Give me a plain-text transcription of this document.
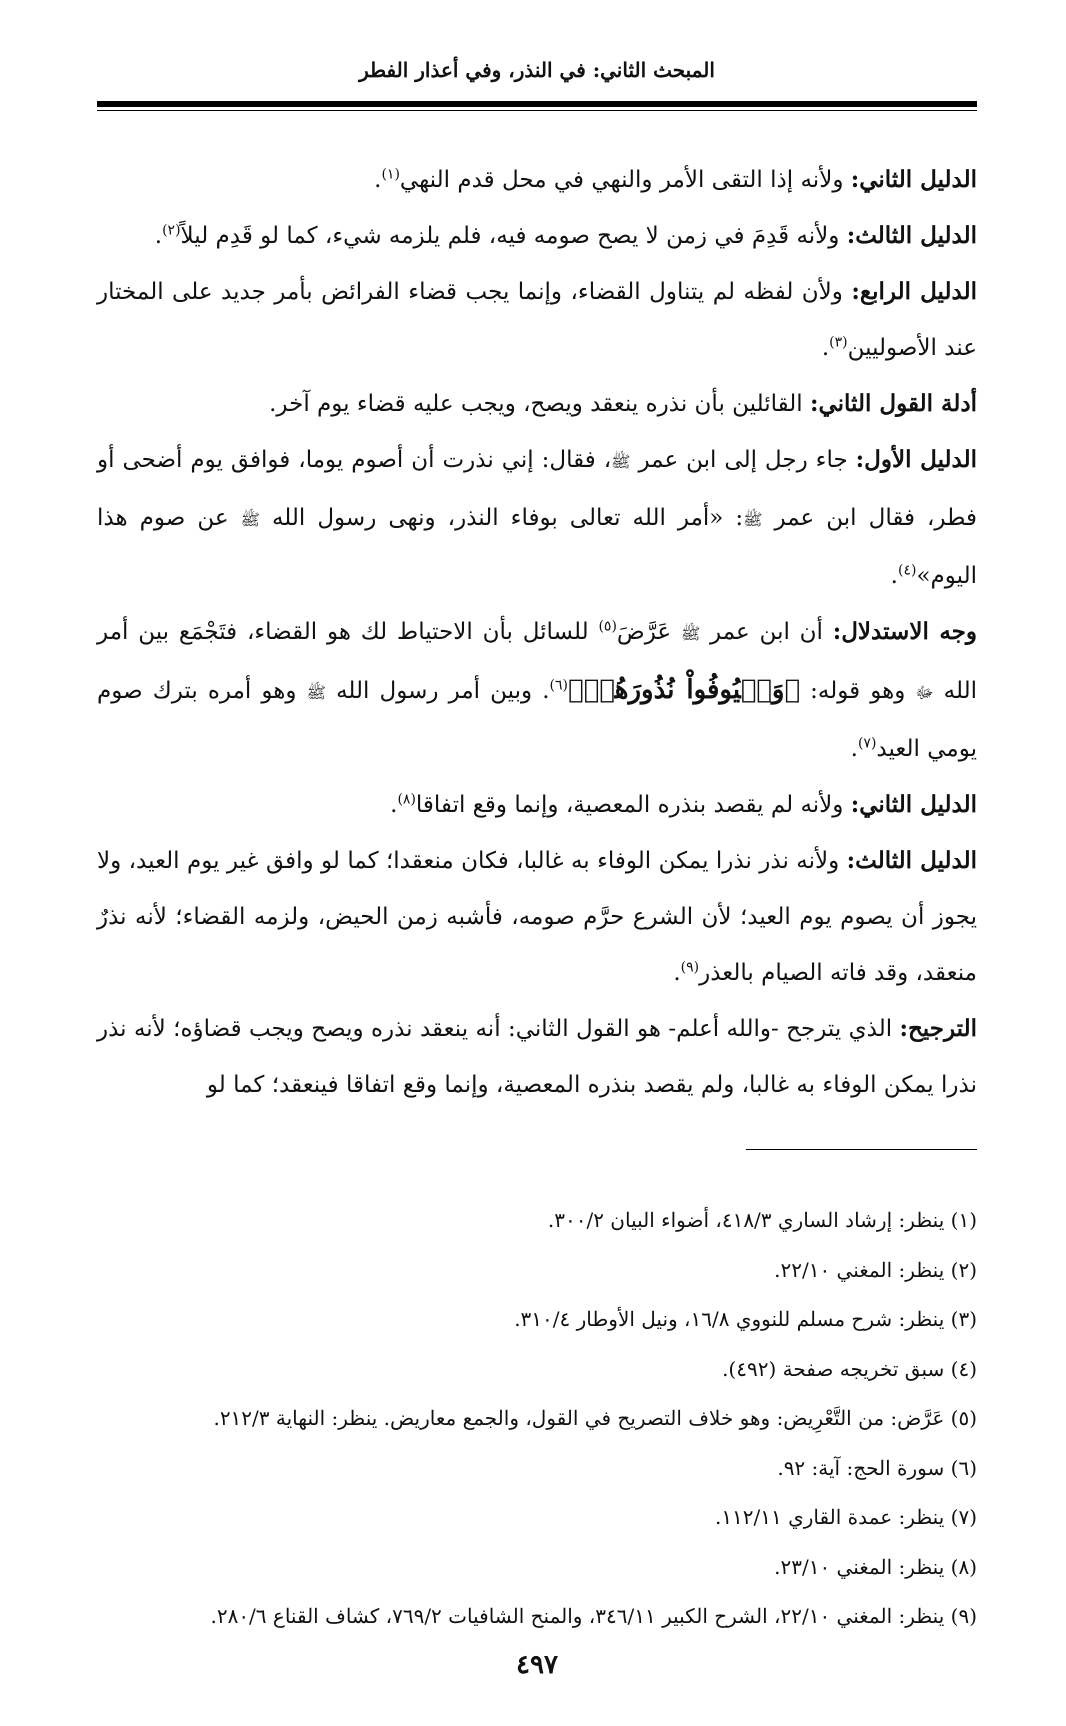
المبحث الثاني: في النذر، وفي أعذار الفطر

الدليل الثاني: ولأنه إذا التقى الأمر والنهي في محل قدم النهي$^{(١)}$.

الدليل الثالث: ولأنه قَدِمَ في زمن لا يصح صومه فيه، فلم يلزمه شيء، كما لو قَدِم ليلاً$^{(٢)}$.

الدليل الرابع: ولأن لفظه لم يتناول القضاء، وإنما يجب قضاء الفرائض بأمر جديد على المختار عند الأصوليين$^{(٣)}$.

أدلة القول الثاني: القائلين بأن نذره ينعقد ويصح، ويجب عليه قضاء يوم آخر.

الدليل الأول: جاء رجل إلى ابن عمر ﷺ، فقال: إني نذرت أن أصوم يوما، فوافق يوم أضحى أو فطر، فقال ابن عمر ﷺ: «أمر الله تعالى بوفاء النذر، ونهى رسول الله ﷺ عن صوم هذا اليوم»$^{(٤)}$.

وجه الاستدلال: أن ابن عمر ﷺ عَرَّضَ$^{(٥)}$ للسائل بأن الاحتياط لك هو القضاء، فتَجْمَع بين أمر الله ﷻ وهو قوله: ﴿وَلۡيُوفُواْ نُذُورَهُمۡ﴾$^{(٦)}$. وبين أمر رسول الله ﷺ وهو أمره بترك صوم يومي العيد$^{(٧)}$.

الدليل الثاني: ولأنه لم يقصد بنذره المعصية، وإنما وقع اتفاقا$^{(٨)}$.

الدليل الثالث: ولأنه نذر نذرا يمكن الوفاء به غالبا، فكان منعقدا؛ كما لو وافق غير يوم العيد، ولا يجوز أن يصوم يوم العيد؛ لأن الشرع حرَّم صومه، فأشبه زمن الحيض، ولزمه القضاء؛ لأنه نذرٌ منعقد، وقد فاته الصيام بالعذر$^{(٩)}$.

الترجيح: الذي يترجح -والله أعلم- هو القول الثاني: أنه ينعقد نذره ويصح ويجب قضاؤه؛ لأنه نذر نذرا يمكن الوفاء به غالبا، ولم يقصد بنذره المعصية، وإنما وقع اتفاقا فينعقد؛ كما لو

(١) ينظر: إرشاد الساري ٤١٨/٣، أضواء البيان ٣٠٠/٢.

(٢) ينظر: المغني ٢٢/١٠.

(٣) ينظر: شرح مسلم للنووي ١٦/٨، ونيل الأوطار ٣١٠/٤.

(٤) سبق تخريجه صفحة (٤٩٢).

(٥) عَرَّض: من التَّعْرِيض: وهو خلاف التصريح في القول، والجمع معاريض. ينظر: النهاية ٢١٢/٣.

(٦) سورة الحج: آية: ٩٢.

(٧) ينظر: عمدة القاري ١١٢/١١.

(٨) ينظر: المغني ٢٣/١٠.

(٩) ينظر: المغني ٢٢/١٠، الشرح الكبير ٣٤٦/١١، والمنح الشافيات ٧٦٩/٢، كشاف القناع ٢٨٠/٦.

٤٩٧
